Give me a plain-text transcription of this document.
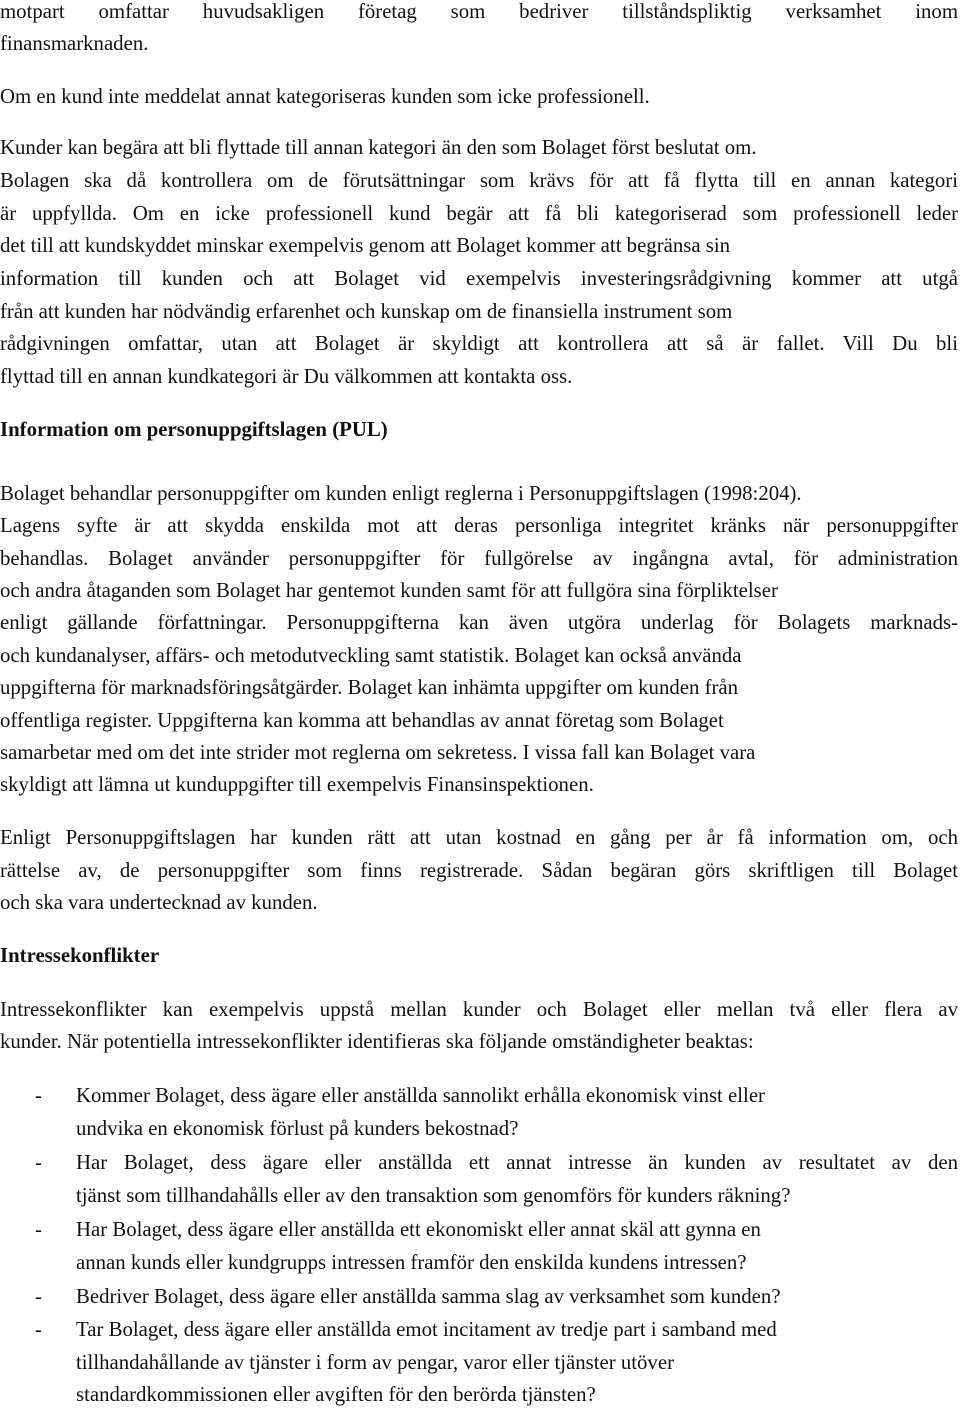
motpart omfattar huvudsakligen företag som bedriver tillståndspliktig verksamhet inom
finansmarknaden.
Om en kund inte meddelat annat kategoriseras kunden som icke professionell.
Kunder kan begära att bli flyttade till annan kategori än den som Bolaget först beslutat om.
Bolagen ska då kontrollera om de förutsättningar som krävs för att få flytta till en annan kategori
är uppfyllda. Om en icke professionell kund begär att få bli kategoriserad som professionell leder
det till att kundskyddet minskar exempelvis genom att Bolaget kommer att begränsa sin
information till kunden och att Bolaget vid exempelvis investeringsrådgivning kommer att utgå
från att kunden har nödvändig erfarenhet och kunskap om de finansiella instrument som
rådgivningen omfattar, utan att Bolaget är skyldigt att kontrollera att så är fallet. Vill Du bli
flyttad till en annan kundkategori är Du välkommen att kontakta oss.
Information om personuppgiftslagen (PUL)
Bolaget behandlar personuppgifter om kunden enligt reglerna i Personuppgiftslagen (1998:204).
Lagens syfte är att skydda enskilda mot att deras personliga integritet kränks när personuppgifter
behandlas. Bolaget använder personuppgifter för fullgörelse av ingångna avtal, för administration
och andra åtaganden som Bolaget har gentemot kunden samt för att fullgöra sina förpliktelser
enligt gällande författningar. Personuppgifterna kan även utgöra underlag för Bolagets marknads-
och kundanalyser, affärs- och metodutveckling samt statistik. Bolaget kan också använda
uppgifterna för marknadsföringsåtgärder. Bolaget kan inhämta uppgifter om kunden från
offentliga register. Uppgifterna kan komma att behandlas av annat företag som Bolaget
samarbetar med om det inte strider mot reglerna om sekretess. I vissa fall kan Bolaget vara
skyldigt att lämna ut kunduppgifter till exempelvis Finansinspektionen.
Enligt Personuppgiftslagen har kunden rätt att utan kostnad en gång per år få information om, och
rättelse av, de personuppgifter som finns registrerade. Sådan begäran görs skriftligen till Bolaget
och ska vara undertecknad av kunden.
Intressekonflikter
Intressekonflikter kan exempelvis uppstå mellan kunder och Bolaget eller mellan två eller flera av
kunder. När potentiella intressekonflikter identifieras ska följande omständigheter beaktas:
- Kommer Bolaget, dess ägare eller anställda sannolikt erhålla ekonomisk vinst eller
undvika en ekonomisk förlust på kunders bekostnad?
- Har Bolaget, dess ägare eller anställda ett annat intresse än kunden av resultatet av den
tjänst som tillhandahålls eller av den transaktion som genomförs för kunders räkning?
- Har Bolaget, dess ägare eller anställda ett ekonomiskt eller annat skäl att gynna en
annan kunds eller kundgrupps intressen framför den enskilda kundens intressen?
- Bedriver Bolaget, dess ägare eller anställda samma slag av verksamhet som kunden?
- Tar Bolaget, dess ägare eller anställda emot incitament av tredje part i samband med
tillhandahållande av tjänster i form av pengar, varor eller tjänster utöver
standardkommissionen eller avgiften för den berörda tjänsten?
